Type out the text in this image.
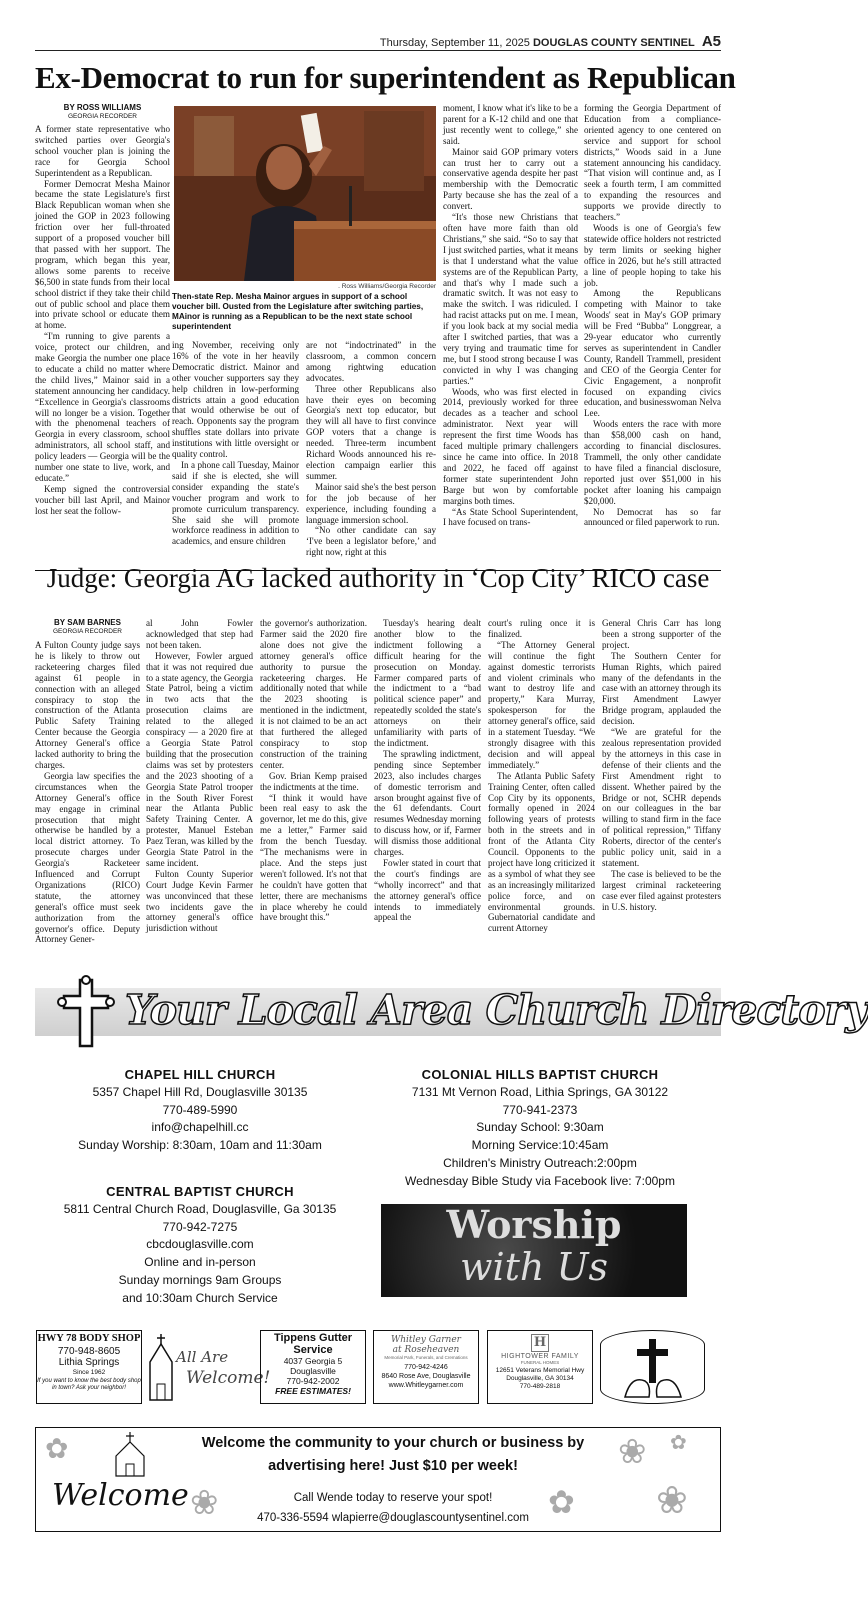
Thursday, September 11, 2025 DOUGLAS COUNTY SENTINEL A5
Ex-Democrat to run for superintendent as Republican
BY ROSS WILLIAMS
GEORGIA RECORDER

A former state representative who switched parties over Georgia's school voucher plan is joining the race for Georgia School Superintendent as a Republican.

Former Democrat Mesha Mainor became the state Legislature's first Black Republican woman when she joined the GOP in 2023 following friction over her full-throated support of a proposed voucher bill that passed with her support. The program, which began this year, allows some parents to receive $6,500 in state funds from their local school district if they take their child out of public school and place them into private school or educate them at home.

“I'm running to give parents a voice, protect our children, and make Georgia the number one place to educate a child no matter where the child lives,” Mainor said in a statement announcing her candidacy. “Excellence in Georgia's classrooms will no longer be a vision. Together with the phenomenal teachers of Georgia in every classroom, school administrators, all school staff, and policy leaders — Georgia will be the number one state to live, work, and educate.”

Kemp signed the controversial voucher bill last April, and Mainor lost her seat the follow-

. Ross Williams/Georgia Recorder
Then-state Rep. Mesha Mainor argues in support of a school voucher bill. Ousted from the Legislature after switching parties, MAinor is running as a Republican to be the next state school superintendent

ing November, receiving only 16% of the vote in her heavily Democratic district. Mainor and other voucher supporters say they help children in low-performing districts attain a good education that would otherwise be out of reach. Opponents say the program shuffles state dollars into private institutions with little oversight or quality control.

In a phone call Tuesday, Mainor said if she is elected, she will consider expanding the state's voucher program and work to promote curriculum transparency. She said she will promote workforce readiness in addition to academics, and ensure children

are not “indoctrinated” in the classroom, a common concern among rightwing education advocates.

Three other Republicans also have their eyes on becoming Georgia's next top educator, but they will all have to first convince GOP voters that a change is needed. Three-term incumbent Richard Woods announced his re-election campaign earlier this summer.

Mainor said she's the best person for the job because of her experience, including founding a language immersion school.

“No other candidate can say ‘I've been a legislator before,’ and right now, right at this

moment, I know what it's like to be a parent for a K-12 child and one that just recently went to college,” she said.

Mainor said GOP primary voters can trust her to carry out a conservative agenda despite her past membership with the Democratic Party because she has the zeal of a convert.

“It's those new Christians that often have more faith than old Christians,” she said. “So to say that I just switched parties, what it means is that I understand what the value systems are of the Republican Party, and that's why I made such a dramatic switch. It was not easy to make the switch. I was ridiculed. I had racist attacks put on me. I mean, if you look back at my social media after I switched parties, that was a very trying and traumatic time for me, but I stood strong because I was convicted in why I was changing parties.”

Woods, who was first elected in 2014, previously worked for three decades as a teacher and school administrator. Next year will represent the first time Woods has faced multiple primary challengers since he came into office. In 2018 and 2022, he faced off against former state superintendent John Barge but won by comfortable margins both times.

“As State School Superintendent, I have focused on trans-

forming the Georgia Department of Education from a compliance-oriented agency to one centered on service and support for school districts,” Woods said in a June statement announcing his candidacy. “That vision will continue and, as I seek a fourth term, I am committed to expanding the resources and supports we provide directly to teachers.”

Woods is one of Georgia's few statewide office holders not restricted by term limits or seeking higher office in 2026, but he's still attracted a line of people hoping to take his job.

Among the Republicans competing with Mainor to take Woods' seat in May's GOP primary will be Fred “Bubba” Longgrear, a 29-year educator who currently serves as superintendent in Candler County, Randell Trammell, president and CEO of the Georgia Center for Civic Engagement, a nonprofit focused on expanding civics education, and businesswoman Nelva Lee.

Woods enters the race with more than $58,000 cash on hand, according to financial disclosures. Trammell, the only other candidate to have filed a financial disclosure, reported just over $51,000 in his pocket after loaning his campaign $20,000.

No Democrat has so far announced or filed paperwork to run.

Judge: Georgia AG lacked authority in ‘Cop City’ RICO case
BY SAM BARNES
GEORGIA RECORDER

A Fulton County judge says he is likely to throw out racketeering charges filed against 61 people in connection with an alleged conspiracy to stop the construction of the Atlanta Public Safety Training Center because the Georgia Attorney General's office lacked authority to bring the charges.

Georgia law specifies the circumstances when the Attorney General's office may engage in criminal prosecution that might otherwise be handled by a local district attorney. To prosecute charges under Georgia's Racketeer Influenced and Corrupt Organizations (RICO) statute, the attorney general's office must seek authorization from the governor's office. Deputy Attorney Gener-

al John Fowler acknowledged that step had not been taken.

However, Fowler argued that it was not required due to a state agency, the Georgia State Patrol, being a victim in two acts that the prosecution claims are related to the alleged conspiracy — a 2020 fire at a Georgia State Patrol building that the prosecution claims was set by protesters and the 2023 shooting of a Georgia State Patrol trooper in the South River Forest near the Atlanta Public Safety Training Center. A protester, Manuel Esteban Paez Teran, was killed by the Georgia State Patrol in the same incident.

Fulton County Superior Court Judge Kevin Farmer was unconvinced that these two incidents gave the attorney general's office jurisdiction without

the governor's authorization. Farmer said the 2020 fire alone does not give the attorney general's office authority to pursue the racketeering charges. He additionally noted that while the 2023 shooting is mentioned in the indictment, it is not claimed to be an act that furthered the alleged conspiracy to stop construction of the training center.

Gov. Brian Kemp praised the indictments at the time.

“I think it would have been real easy to ask the governor, let me do this, give me a letter,” Farmer said from the bench Tuesday. “The mechanisms were in place. And the steps just weren't followed. It's not that he couldn't have gotten that letter, there are mechanisms in place whereby he could have brought this.”

Tuesday's hearing dealt another blow to the indictment following a difficult hearing for the prosecution on Monday. Farmer compared parts of the indictment to a “bad political science paper” and repeatedly scolded the state's attorneys on their unfamiliarity with parts of the indictment.

The sprawling indictment, pending since September 2023, also includes charges of domestic terrorism and arson brought against five of the 61 defendants. Court resumes Wednesday morning to discuss how, or if, Farmer will dismiss those additional charges.

Fowler stated in court that the court's findings are “wholly incorrect” and that the attorney general's office intends to immediately appeal the

court's ruling once it is finalized.

“The Attorney General will continue the fight against domestic terrorists and violent criminals who want to destroy life and property,” Kara Murray, spokesperson for the attorney general's office, said in a statement Tuesday. “We strongly disagree with this decision and will appeal immediately.”

The Atlanta Public Safety Training Center, often called Cop City by its opponents, formally opened in 2024 following years of protests both in the streets and in front of the Atlanta City Council. Opponents to the project have long criticized it as a symbol of what they see as an increasingly militarized police force, and on environmental grounds. Gubernatorial candidate and current Attorney

General Chris Carr has long been a strong supporter of the project.

The Southern Center for Human Rights, which paired many of the defendants in the case with an attorney through its First Amendment Lawyer Bridge program, applauded the decision.

“We are grateful for the zealous representation provided by the attorneys in this case in defense of their clients and the First Amendment right to dissent. Whether paired by the Bridge or not, SCHR depends on our colleagues in the bar willing to stand firm in the face of political repression,” Tiffany Roberts, director of the center's public policy unit, said in a statement.

The case is believed to be the largest criminal racketeering case ever filed against protesters in U.S. history.

Your Local Area Church Directory
CHAPEL HILL CHURCH
5357 Chapel Hill Rd, Douglasville 30135
770-489-5990
info@chapelhill.cc
Sunday Worship: 8:30am, 10am and 11:30am
COLONIAL HILLS BAPTIST CHURCH
7131 Mt Vernon Road, Lithia Springs, GA 30122
770-941-2373
Sunday School: 9:30am
Morning Service:10:45am
Children's Ministry Outreach:2:00pm
Wednesday Bible Study via Facebook live: 7:00pm
CENTRAL BAPTIST CHURCH
5811 Central Church Road, Douglasville, Ga 30135
770-942-7275
cbcdouglasville.com
Online and in-person
Sunday mornings 9am Groups
and 10:30am Church Service
Worship
with Us
HWY 78 BODY SHOP
770-948-8605
Lithia Springs
Since 1962
If you want to know the best body shop in town? Ask your neighbor!
All Are
Welcome!
Tippens Gutter
Service
4037 Georgia 5
Douglasville
770-942-2002
FREE ESTIMATES!
Whitley Garner
at Roseheaven
Memorial Park, Funerals, and Cremations
770-942-4246
8640 Rose Ave, Douglasville
www.Whitleygarner.com
H
HIGHTOWER FAMILY
FUNERAL HOMES
12651 Veterans Memorial Hwy
Douglasville, GA 30134
770-489-2818
✿
❀	✿
❀ ✿
❀
Welcome
Welcome the community to your church or business by
advertising here! Just $10 per week!
Call Wende today to reserve your spot!
470-336-5594 wlapierre@douglascountysentinel.com
